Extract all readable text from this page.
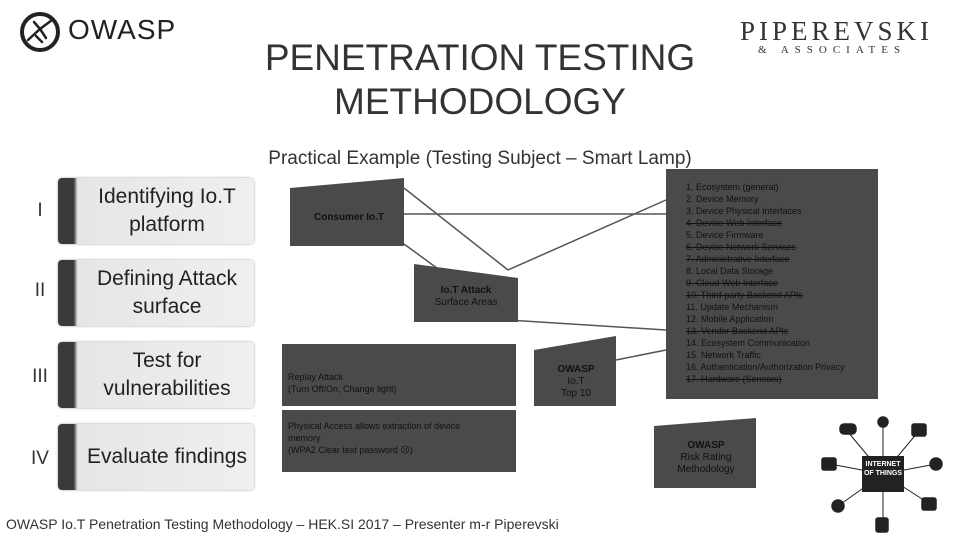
OWASP	PIPEREVSKI
& ASSOCIATES
PENETRATION TESTING
METHODOLOGY
Practical Example (Testing Subject – Smart Lamp)
I
Identifying Io.T platform
II
Defining Attack surface
III
Test for vulnerabilities
IV	Evaluate findings
Consumer Io.T
Io.T Attack
Surface Areas
Replay Attack
(Turn Off/On, Change light)
Physical Access allows extraction of device
memory
(WPA2 Clear text password ☹)
OWASP
Io.T
Top 10
1. Ecosystem (general)
2. Device Memory
3. Device Physical Interfaces
4. Device Web Interface
5. Device Firmware
6. Device Network Services
7. Administrative Interface
8. Local Data Storage
9. Cloud Web Interface
10. Third-party Backend APIs
11. Update Mechanism
12. Mobile Application
13. Vendor Backend APIs
14. Ecosystem Communication
15. Network Traffic
16. Authentication/Authorization Privacy
17. Hardware (Sensors)
OWASP
Risk Rating
Methodology	INTERNET
OF THINGS
OWASP Io.T Penetration Testing Methodology – HEK.SI 2017 – Presenter m-r Piperevski
